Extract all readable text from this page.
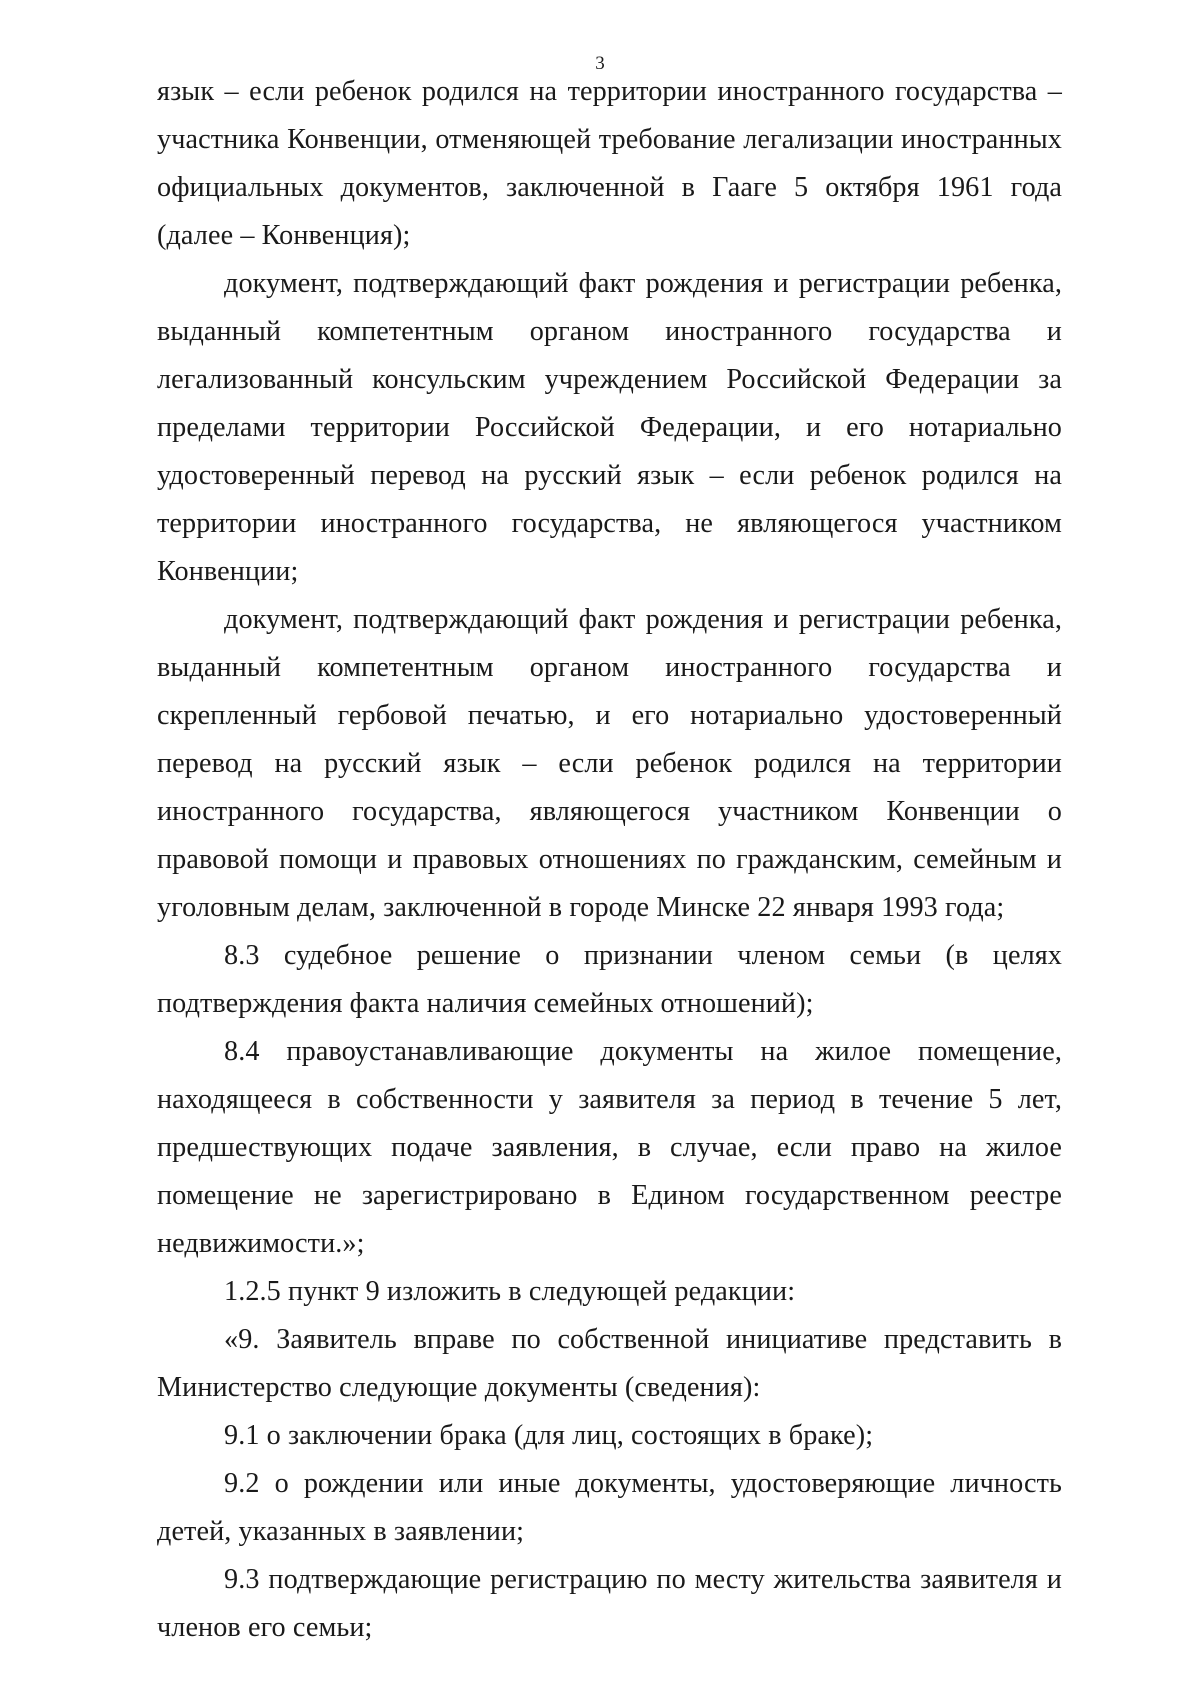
3

язык – если ребенок родился на территории иностранного государства – участника Конвенции, отменяющей требование легализации иностранных официальных документов, заключенной в Гааге 5 октября 1961 года (далее – Конвенция);

документ, подтверждающий факт рождения и регистрации ребенка, выданный компетентным органом иностранного государства и легализованный консульским учреждением Российской Федерации за пределами территории Российской Федерации, и его нотариально удостоверенный перевод на русский язык – если ребенок родился на территории иностранного государства, не являющегося участником Конвенции;

документ, подтверждающий факт рождения и регистрации ребенка, выданный компетентным органом иностранного государства и скрепленный гербовой печатью, и его нотариально удостоверенный перевод на русский язык – если ребенок родился на территории иностранного государства, являющегося участником Конвенции о правовой помощи и правовых отношениях по гражданским, семейным и уголовным делам, заключенной в городе Минске 22 января 1993 года;

8.3 судебное решение о признании членом семьи (в целях подтверждения факта наличия семейных отношений);

8.4 правоустанавливающие документы на жилое помещение, находящееся в собственности у заявителя за период в течение 5 лет, предшествующих подаче заявления, в случае, если право на жилое помещение не зарегистрировано в Едином государственном реестре недвижимости.»;

1.2.5 пункт 9 изложить в следующей редакции:

«9. Заявитель вправе по собственной инициативе представить в Министерство следующие документы (сведения):

9.1 о заключении брака (для лиц, состоящих в браке);

9.2 о рождении или иные документы, удостоверяющие личность детей, указанных в заявлении;

9.3 подтверждающие регистрацию по месту жительства заявителя и членов его семьи;
